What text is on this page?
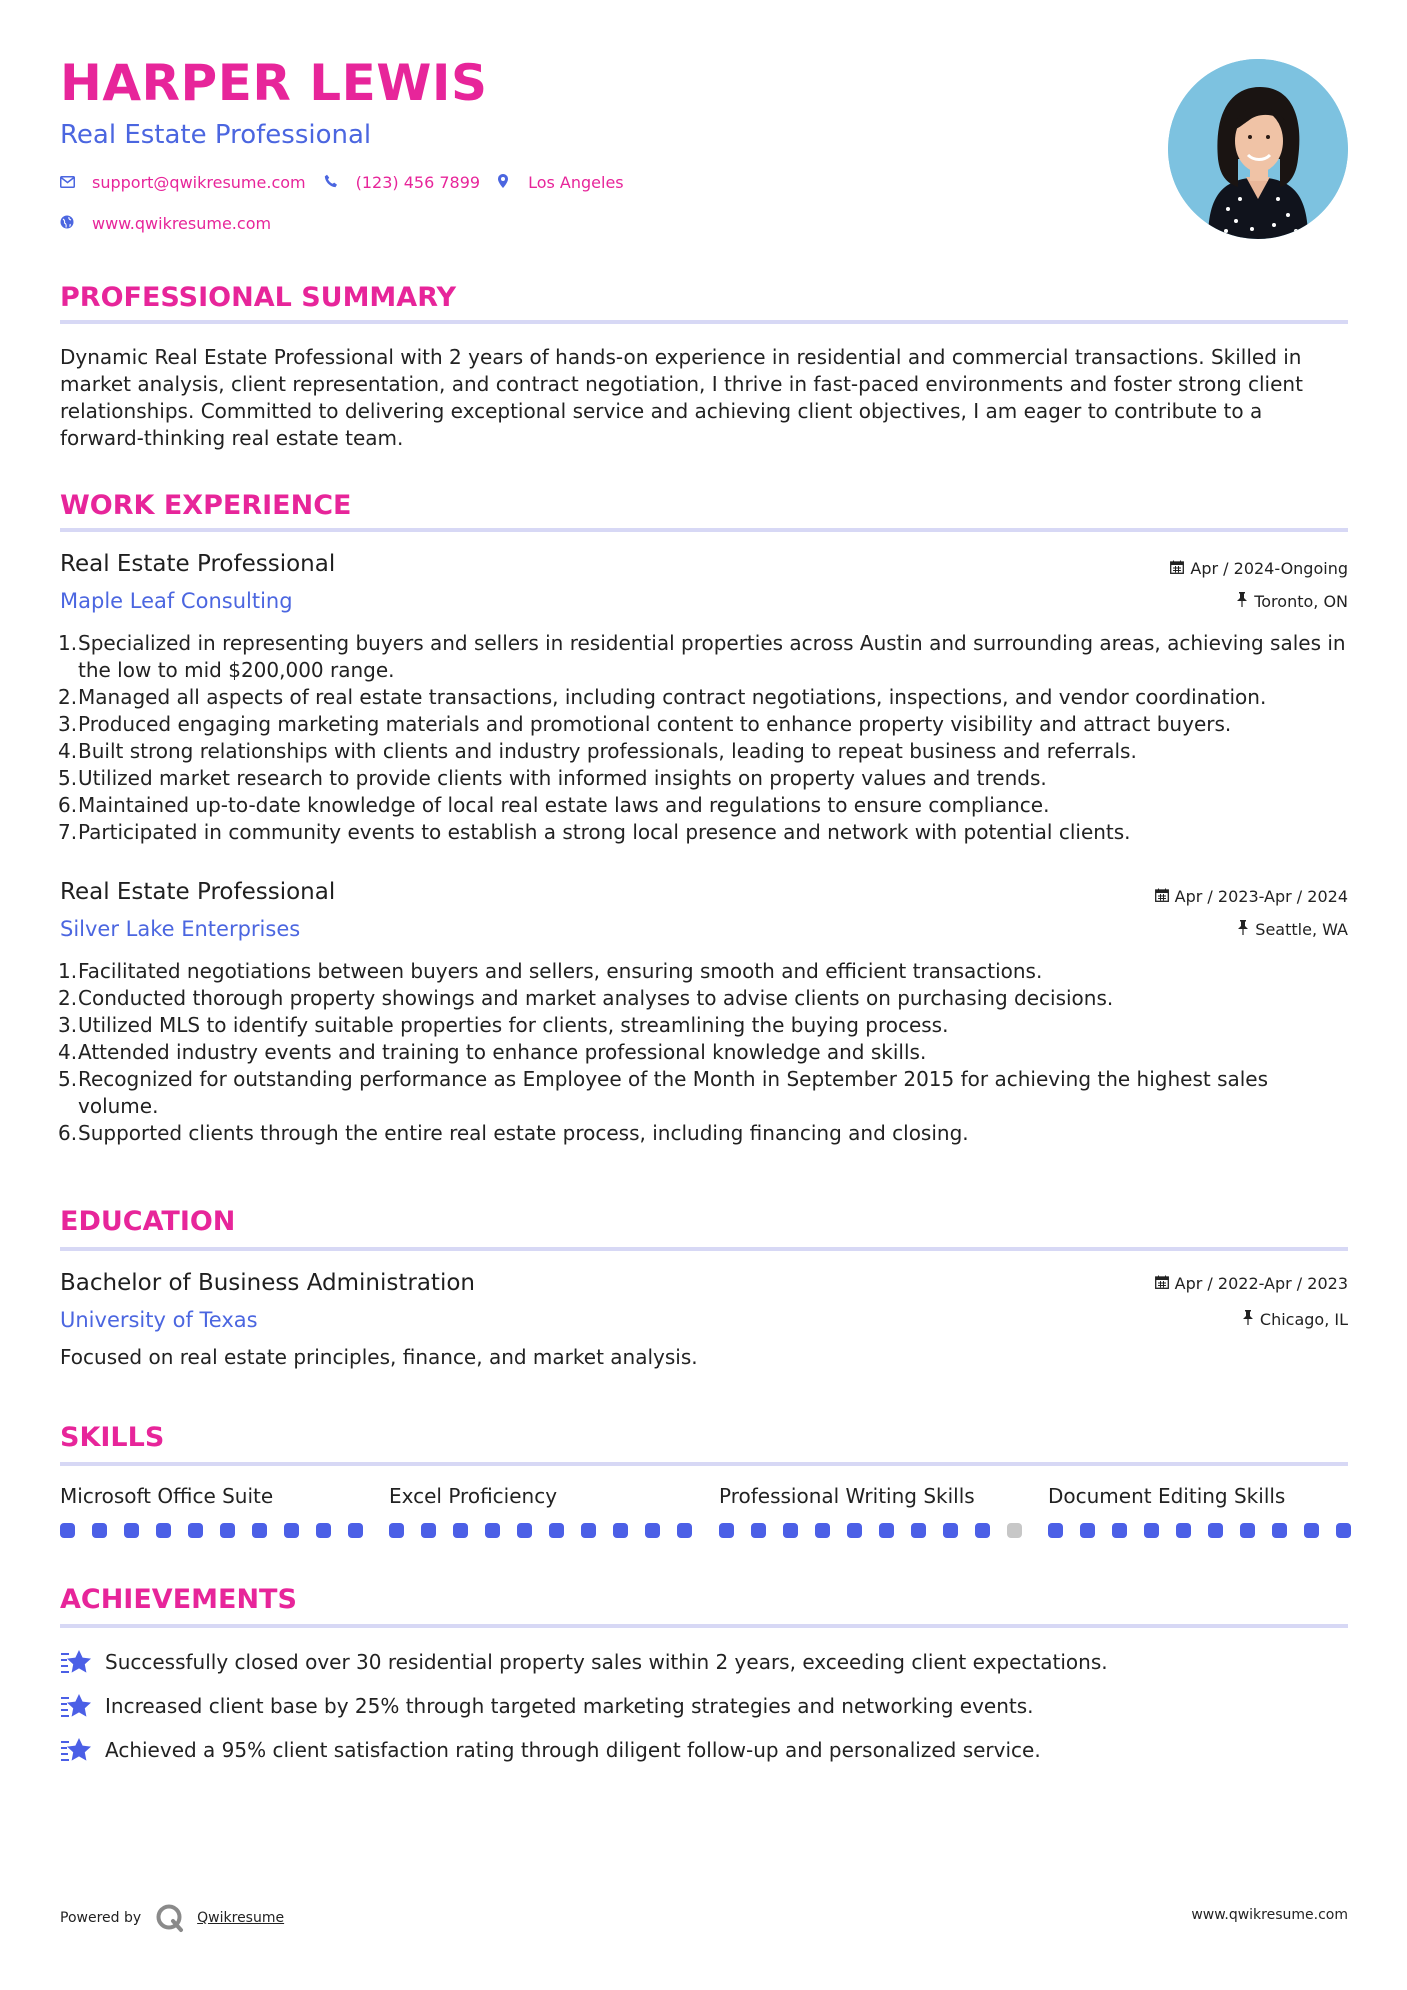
HARPER LEWIS
Real Estate Professional
support@qwikresume.com	(123) 456 7899	Los Angeles
www.qwikresume.com
PROFESSIONAL SUMMARY
Dynamic Real Estate Professional with 2 years of hands-on experience in residential and commercial transactions. Skilled in market analysis, client representation, and contract negotiation, I thrive in fast-paced environments and foster strong client relationships. Committed to delivering exceptional service and achieving client objectives, I am eager to contribute to a forward-thinking real estate team.
WORK EXPERIENCE
Real Estate Professional
Maple Leaf Consulting
Apr / 2024-Ongoing
Toronto, ON
1. Specialized in representing buyers and sellers in residential properties across Austin and surrounding areas, achieving sales in the low to mid $200,000 range.
2. Managed all aspects of real estate transactions, including contract negotiations, inspections, and vendor coordination.
3. Produced engaging marketing materials and promotional content to enhance property visibility and attract buyers.
4. Built strong relationships with clients and industry professionals, leading to repeat business and referrals.
5. Utilized market research to provide clients with informed insights on property values and trends.
6. Maintained up-to-date knowledge of local real estate laws and regulations to ensure compliance.
7. Participated in community events to establish a strong local presence and network with potential clients.
Real Estate Professional
Silver Lake Enterprises
Apr / 2023-Apr / 2024
Seattle, WA
1. Facilitated negotiations between buyers and sellers, ensuring smooth and efficient transactions.
2. Conducted thorough property showings and market analyses to advise clients on purchasing decisions.
3. Utilized MLS to identify suitable properties for clients, streamlining the buying process.
4. Attended industry events and training to enhance professional knowledge and skills.
5. Recognized for outstanding performance as Employee of the Month in September 2015 for achieving the highest sales volume.
6. Supported clients through the entire real estate process, including financing and closing.
EDUCATION
Bachelor of Business Administration
University of Texas
Apr / 2022-Apr / 2023
Chicago, IL
Focused on real estate principles, finance, and market analysis.
SKILLS
Microsoft Office Suite	Excel Proficiency	Professional Writing Skills	Document Editing Skills
ACHIEVEMENTS
Successfully closed over 30 residential property sales within 2 years, exceeding client expectations.
Increased client base by 25% through targeted marketing strategies and networking events.
Achieved a 95% client satisfaction rating through diligent follow-up and personalized service.
Powered by	Qwikresume	www.qwikresume.com
